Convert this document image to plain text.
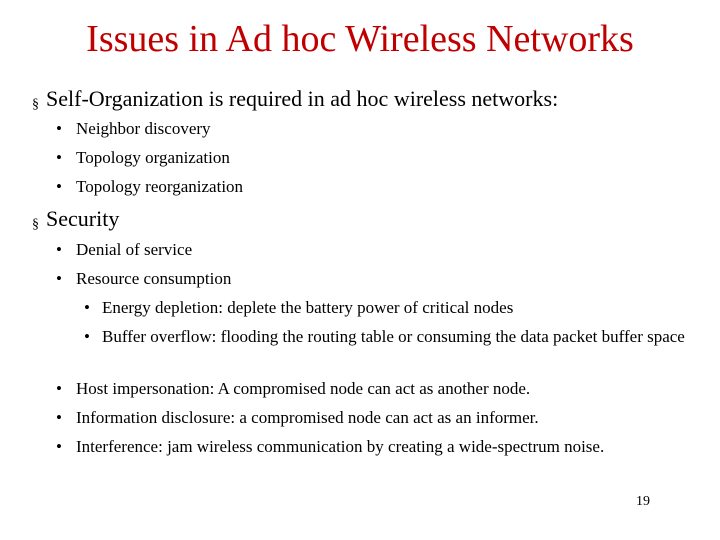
Issues in Ad hoc Wireless Networks
§ Self-Organization is required in ad hoc wireless networks:
• Neighbor discovery
• Topology organization
• Topology reorganization
§ Security
• Denial of service
• Resource consumption
• Energy depletion: deplete the battery power of critical nodes
• Buffer overflow: flooding the routing table or consuming the data packet buffer space
• Host impersonation: A compromised node can act as another node.
• Information disclosure: a compromised node can act as an informer.
• Interference: jam wireless communication by creating a wide-spectrum noise.
19
